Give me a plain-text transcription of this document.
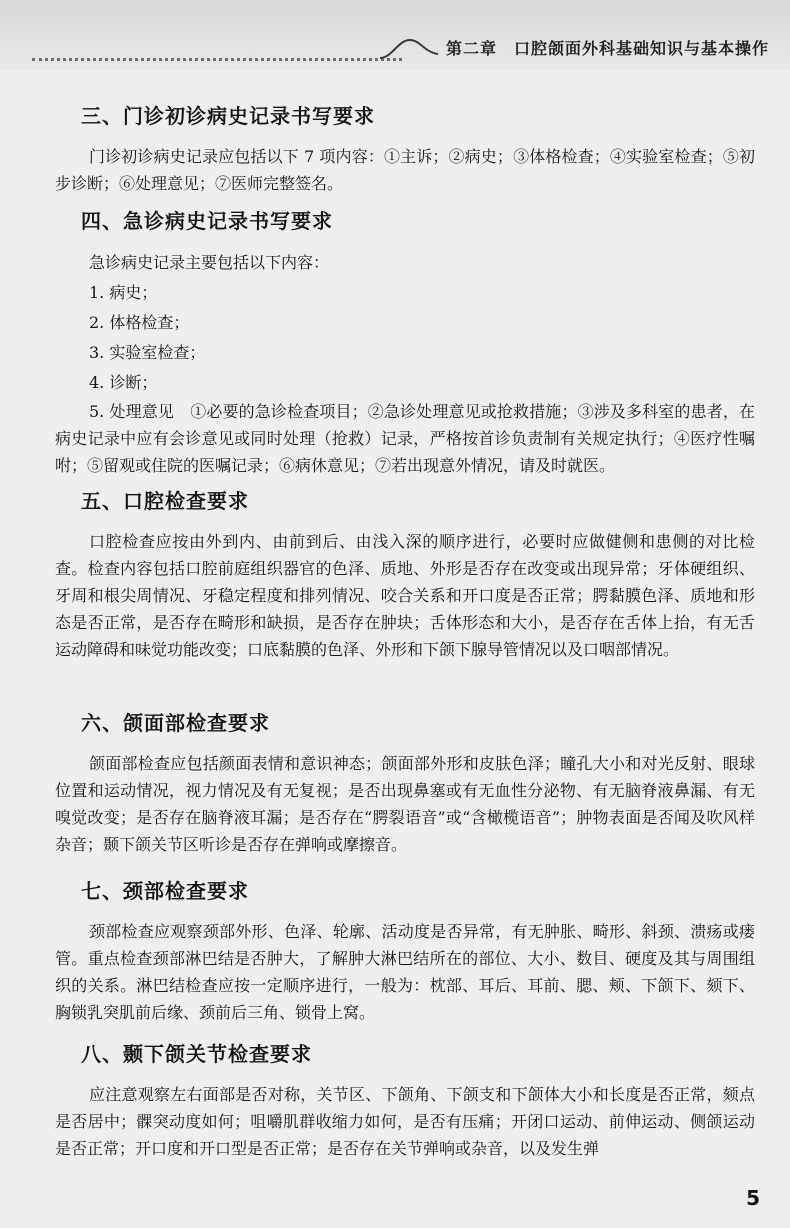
第二章　口腔颌面外科基础知识与基本操作
三、门诊初诊病史记录书写要求

门诊初诊病史记录应包括以下 7 项内容：①主诉；②病史；③体格检查；④实验室检查；⑤初步诊断；⑥处理意见；⑦医师完整签名。

四、急诊病史记录书写要求

急诊病史记录主要包括以下内容：

1. 病史；

2. 体格检查；

3. 实验室检查；

4. 诊断；

5. 处理意见　①必要的急诊检查项目；②急诊处理意见或抢救措施；③涉及多科室的患者，在病史记录中应有会诊意见或同时处理（抢救）记录，严格按首诊负责制有关规定执行；④医疗性嘱咐；⑤留观或住院的医嘱记录；⑥病休意见；⑦若出现意外情况，请及时就医。

五、口腔检查要求

口腔检查应按由外到内、由前到后、由浅入深的顺序进行，必要时应做健侧和患侧的对比检查。检查内容包括口腔前庭组织器官的色泽、质地、外形是否存在改变或出现异常；牙体硬组织、牙周和根尖周情况、牙稳定程度和排列情况、咬合关系和开口度是否正常；腭黏膜色泽、质地和形态是否正常，是否存在畸形和缺损，是否存在肿块；舌体形态和大小，是否存在舌体上抬，有无舌运动障碍和味觉功能改变；口底黏膜的色泽、外形和下颌下腺导管情况以及口咽部情况。

六、颌面部检查要求

颌面部检查应包括颜面表情和意识神态；颌面部外形和皮肤色泽；瞳孔大小和对光反射、眼球位置和运动情况，视力情况及有无复视；是否出现鼻塞或有无血性分泌物、有无脑脊液鼻漏、有无嗅觉改变；是否存在脑脊液耳漏；是否存在“腭裂语音”或“含橄榄语音”；肿物表面是否闻及吹风样杂音；颞下颌关节区听诊是否存在弹响或摩擦音。

七、颈部检查要求

颈部检查应观察颈部外形、色泽、轮廓、活动度是否异常，有无肿胀、畸形、斜颈、溃疡或瘘管。重点检查颈部淋巴结是否肿大，了解肿大淋巴结所在的部位、大小、数目、硬度及其与周围组织的关系。淋巴结检查应按一定顺序进行，一般为：枕部、耳后、耳前、腮、颊、下颌下、颏下、胸锁乳突肌前后缘、颈前后三角、锁骨上窝。

八、颞下颌关节检查要求

应注意观察左右面部是否对称，关节区、下颌角、下颌支和下颌体大小和长度是否正常，颏点是否居中；髁突动度如何；咀嚼肌群收缩力如何，是否有压痛；开闭口运动、前伸运动、侧颌运动是否正常；开口度和开口型是否正常；是否存在关节弹响或杂音，以及发生弹

5
